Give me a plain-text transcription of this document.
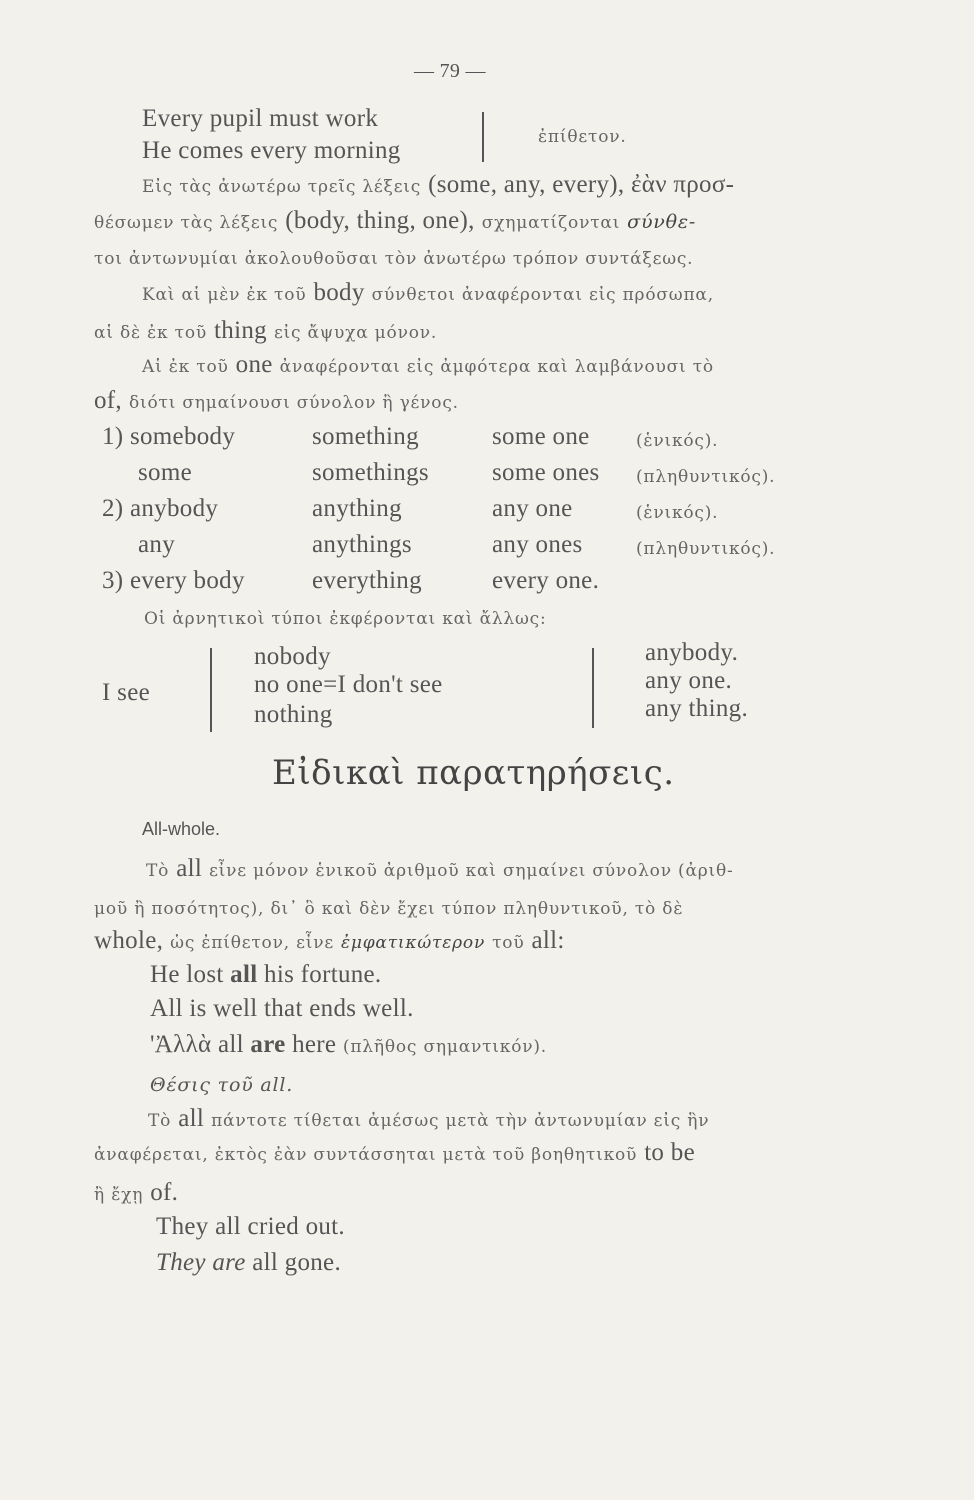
— 79 —
Every pupil must work
He comes every morning	ἐπίθετον.
Εἰς τὰς ἀνωτέρω τρεῖς λέξεις (some, any, every), ἐὰν προσ-
θέσωμεν τὰς λέξεις (body, thing, one), σχηματίζονται σύνθε-
τοι ἀντωνυμίαι ἀκολουθοῦσαι τὸν ἀνωτέρω τρόπον συντάξεως.
Καὶ αἱ μὲν ἐκ τοῦ body σύνθετοι ἀναφέρονται εἰς πρόσωπα,
αἱ δὲ ἐκ τοῦ thing εἰς ἄψυχα μόνον.
Αἱ ἐκ τοῦ one ἀναφέρονται εἰς ἀμφότερα καὶ λαμβάνουσι τὸ
of, διότι σημαίνουσι σύνολον ἢ γένος.
1) somebody	something	some one	(ἑνικός).
some	somethings	some ones (πληθυντικός).
2) anybody	anything	any one	(ἑνικός).
any	anythings	any ones	(πληθυντικός).
3) every body	everything	every one.
Οἱ ἀρνητικοὶ τύποι ἐκφέρονται καὶ ἄλλως:
I see
nobody
no one=I don't see
nothing
anybody.
any one.
any thing.
Εἰδικαὶ παρατηρήσεις.
All-whole.
Τὸ all εἶνε μόνον ἑνικοῦ ἀριθμοῦ καὶ σημαίνει σύνολον (ἀριθ-
μοῦ ἢ ποσότητος), δι᾽ ὃ καὶ δὲν ἔχει τύπον πληθυντικοῦ, τὸ δὲ
whole, ὡς ἐπίθετον, εἶνε ἐμφατικώτερον τοῦ all:
He lost all his fortune.
All is well that ends well.
'Ἀλλὰ all are here (πλῆθος σημαντικόν).
Θέσις τοῦ all.
Τὸ all πάντοτε τίθεται ἀμέσως μετὰ τὴν ἀντωνυμίαν εἰς ἣν
ἀναφέρεται, ἐκτὸς ἐὰν συντάσσηται μετὰ τοῦ βοηθητικοῦ to be
ἢ ἔχῃ of.
They all cried out.
They are all gone.
